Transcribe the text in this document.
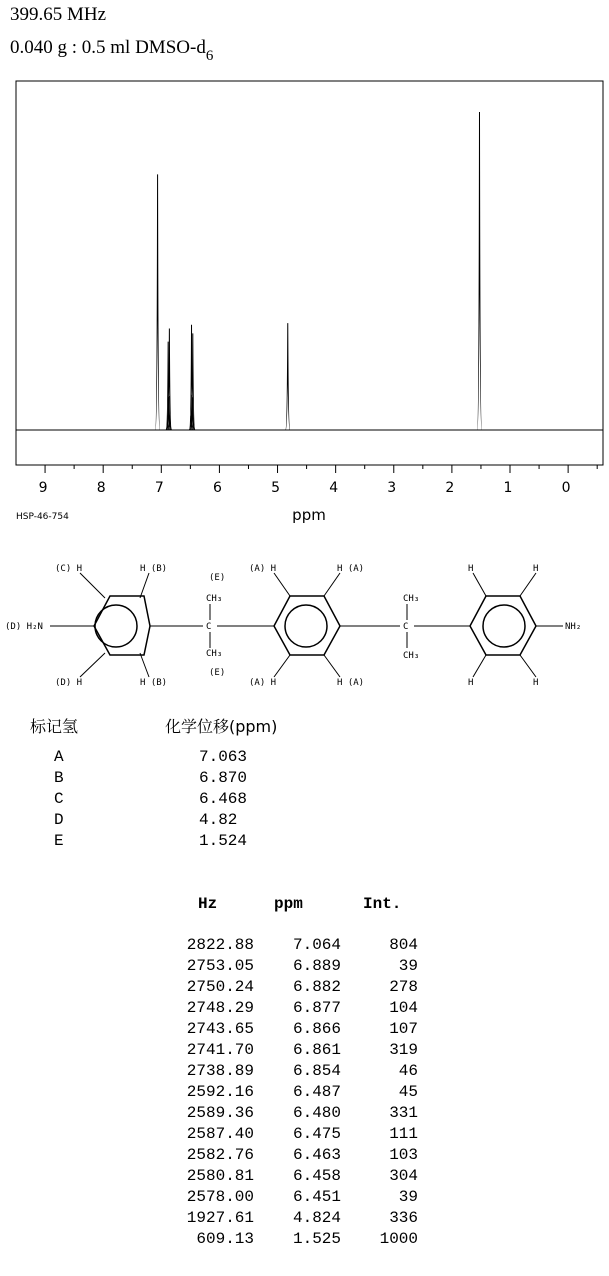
399.65 MHz
0.040 g : 0.5 ml DMSO-$d_6$
9	8	7	6	5	4	3	2	1	0
ppm
HSP-46-754
(C) H	H (B)
(E)
(A) H	H (A)	H	H
(D) H₂N
CH₃
C
CH₃
(E)
CH₃
C
CH₃
NH₂
(D) H	H (B)	(A) H	H (A)	H	H
标记氢	化学位移(ppm)
A	7.063
B	6.870
C	6.468
D	4.82
E	1.524
Hz	ppm	Int.
2822.88	7.064	804
2753.05	6.889	39
2750.24	6.882	278
2748.29	6.877	104
2743.65	6.866	107
2741.70	6.861	319
2738.89	6.854	46
2592.16	6.487	45
2589.36	6.480	331
2587.40	6.475	111
2582.76	6.463	103
2580.81	6.458	304
2578.00	6.451	39
1927.61	4.824	336
609.13	1.525	1000
